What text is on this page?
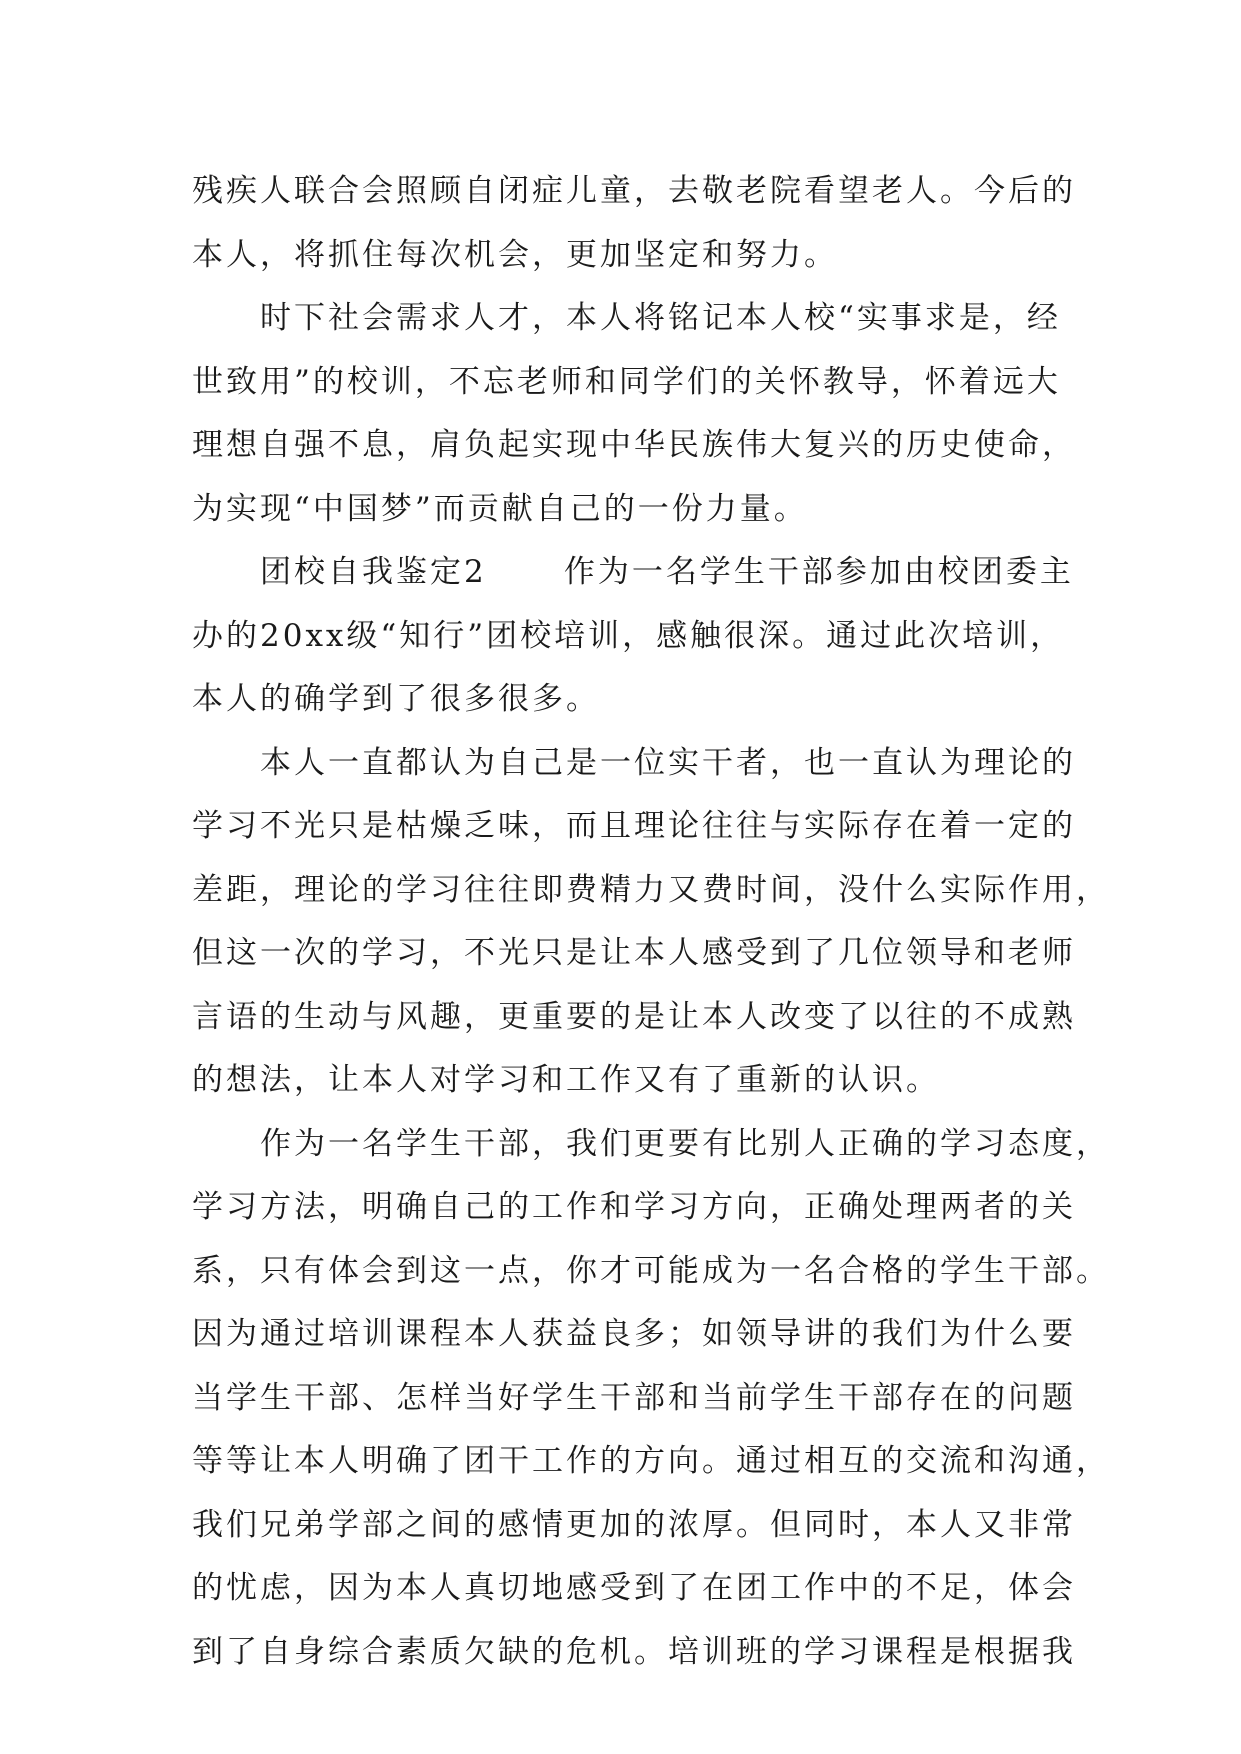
残疾人联合会照顾自闭症儿童，去敬老院看望老人。今后的
本人，将抓住每次机会，更加坚定和努力。
时下社会需求人才，本人将铭记本人校“实事求是，经
世致用”的校训，不忘老师和同学们的关怀教导，怀着远大
理想自强不息，肩负起实现中华民族伟大复兴的历史使命，
为实现“中国梦”而贡献自己的一份力量。
团校自我鉴定2      作为一名学生干部参加由校团委主
办的20xx级“知行”团校培训，感触很深。通过此次培训，
本人的确学到了很多很多。
本人一直都认为自己是一位实干者，也一直认为理论的
学习不光只是枯燥乏味，而且理论往往与实际存在着一定的
差距，理论的学习往往即费精力又费时间，没什么实际作用，
但这一次的学习，不光只是让本人感受到了几位领导和老师
言语的生动与风趣，更重要的是让本人改变了以往的不成熟
的想法，让本人对学习和工作又有了重新的认识。
作为一名学生干部，我们更要有比别人正确的学习态度，
学习方法，明确自己的工作和学习方向，正确处理两者的关
系，只有体会到这一点，你才可能成为一名合格的学生干部。
因为通过培训课程本人获益良多；如领导讲的我们为什么要
当学生干部、怎样当好学生干部和当前学生干部存在的问题
等等让本人明确了团干工作的方向。通过相互的交流和沟通，
我们兄弟学部之间的感情更加的浓厚。但同时，本人又非常
的忧虑，因为本人真切地感受到了在团工作中的不足，体会
到了自身综合素质欠缺的危机。培训班的学习课程是根据我
